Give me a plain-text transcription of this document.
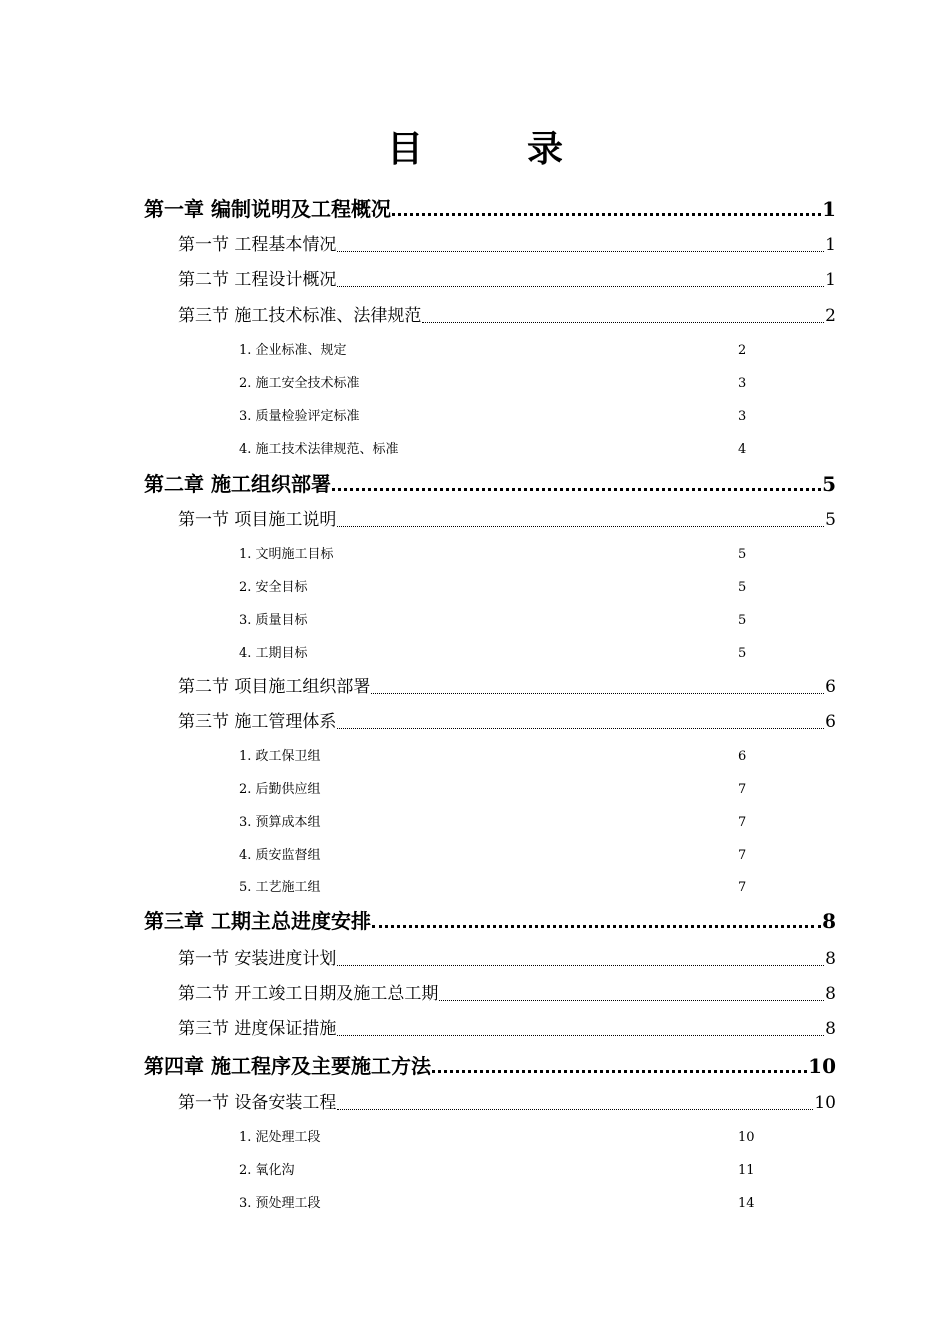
目　录
第一章 编制说明及工程概况	1
第一节 工程基本情况	1
第二节 工程设计概况	1
第三节 施工技术标准、法律规范	2
1. 企业标准、规定	2
2. 施工安全技术标准	3
3. 质量检验评定标准	3
4. 施工技术法律规范、标准	4
第二章 施工组织部署	5
第一节 项目施工说明	5
1. 文明施工目标	5
2. 安全目标	5
3. 质量目标	5
4. 工期目标	5
第二节 项目施工组织部署	6
第三节 施工管理体系	6
1. 政工保卫组	6
2. 后勤供应组	7
3. 预算成本组	7
4. 质安监督组	7
5. 工艺施工组	7
第三章 工期主总进度安排	8
第一节 安装进度计划	8
第二节 开工竣工日期及施工总工期	8
第三节 进度保证措施	8
第四章 施工程序及主要施工方法	10
第一节 设备安装工程	10
1. 泥处理工段	10
2. 氧化沟	11
3. 预处理工段	14
